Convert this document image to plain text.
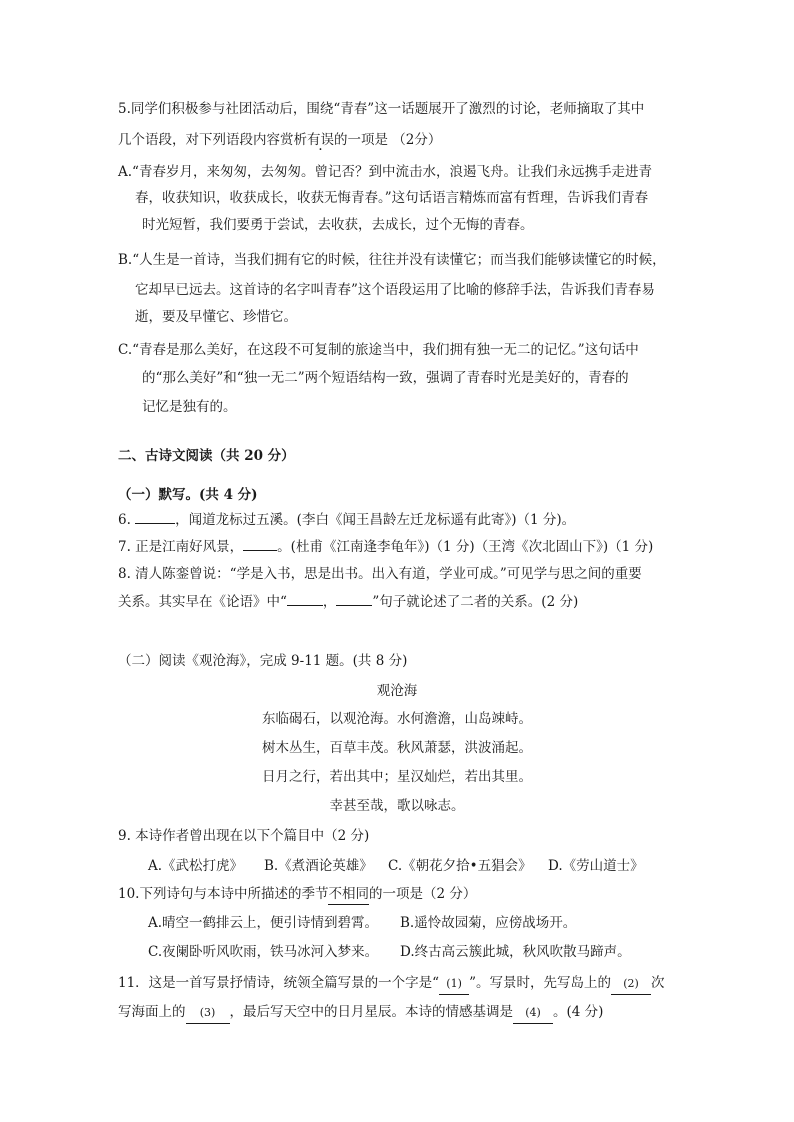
5.同学们积极参与社团活动后，围绕“青春”这一话题展开了激烈的讨论，老师摘取了其中
几个语段，对下列语段内容赏析有误的一项是 （2分）
A.“青春岁月，来匆匆，去匆匆。曾记否？到中流击水，浪遏飞舟。让我们永远携手走进青
春，收获知识，收获成长，收获无悔青春。”这句话语言精炼而富有哲理，告诉我们青春
时光短暂，我们要勇于尝试，去收获，去成长，过个无悔的青春。
B.“人生是一首诗，当我们拥有它的时候，往往并没有读懂它；而当我们能够读懂它的时候，
它却早已远去。这首诗的名字叫青春”这个语段运用了比喻的修辞手法，告诉我们青春易
逝，要及早懂它、珍惜它。
C.“青春是那么美好，在这段不可复制的旅途当中，我们拥有独一无二的记忆。”这句话中
的“那么美好”和“独一无二”两个短语结构一致，强调了青春时光是美好的，青春的
记忆是独有的。
二、古诗文阅读（共 20 分）
（一）默写。(共 4 分)
6.	，闻道龙标过五溪。(李白《闻王昌龄左迁龙标遥有此寄》)（1 分)。
7. 正是江南好风景，	。(杜甫《江南逢李龟年》)（1 分)（王湾《次北固山下》)（1 分)
8. 清人陈銮曾说：“学是入书，思是出书。出入有道，学业可成。”可见学与思之间的重要
关系。其实早在《论语》中“	，	”句子就论述了二者的关系。(2 分)
（二）阅读《观沧海》，完成 9-11 题。(共 8 分)
观沧海
东临碣石，以观沧海。水何澹澹，山岛竦峙。
树木丛生，百草丰茂。秋风萧瑟，洪波涌起。
日月之行，若出其中；星汉灿烂，若出其里。
幸甚至哉，歌以咏志。
9. 本诗作者曾出现在以下个篇目中（2 分)
A.《武松打虎》 B.《煮酒论英雄》 C.《朝花夕拾•五猖会》 D.《劳山道士》
10.下列诗句与本诗中所描述的季节不相同的一项是（2 分）
A.晴空一鹤排云上，便引诗情到碧霄。 B.遥怜故园菊，应傍战场开。
C.夜阑卧听风吹雨，铁马冰河入梦来。 D.终古高云簇此城，秋风吹散马蹄声。
11．这是一首写景抒情诗，统领全篇写景的一个字是“ (1) ”。写景时，先写岛上的 (2) 次
写海面上的 (3) ，最后写天空中的日月星辰。本诗的情感基调是 (4) 。(4 分)
